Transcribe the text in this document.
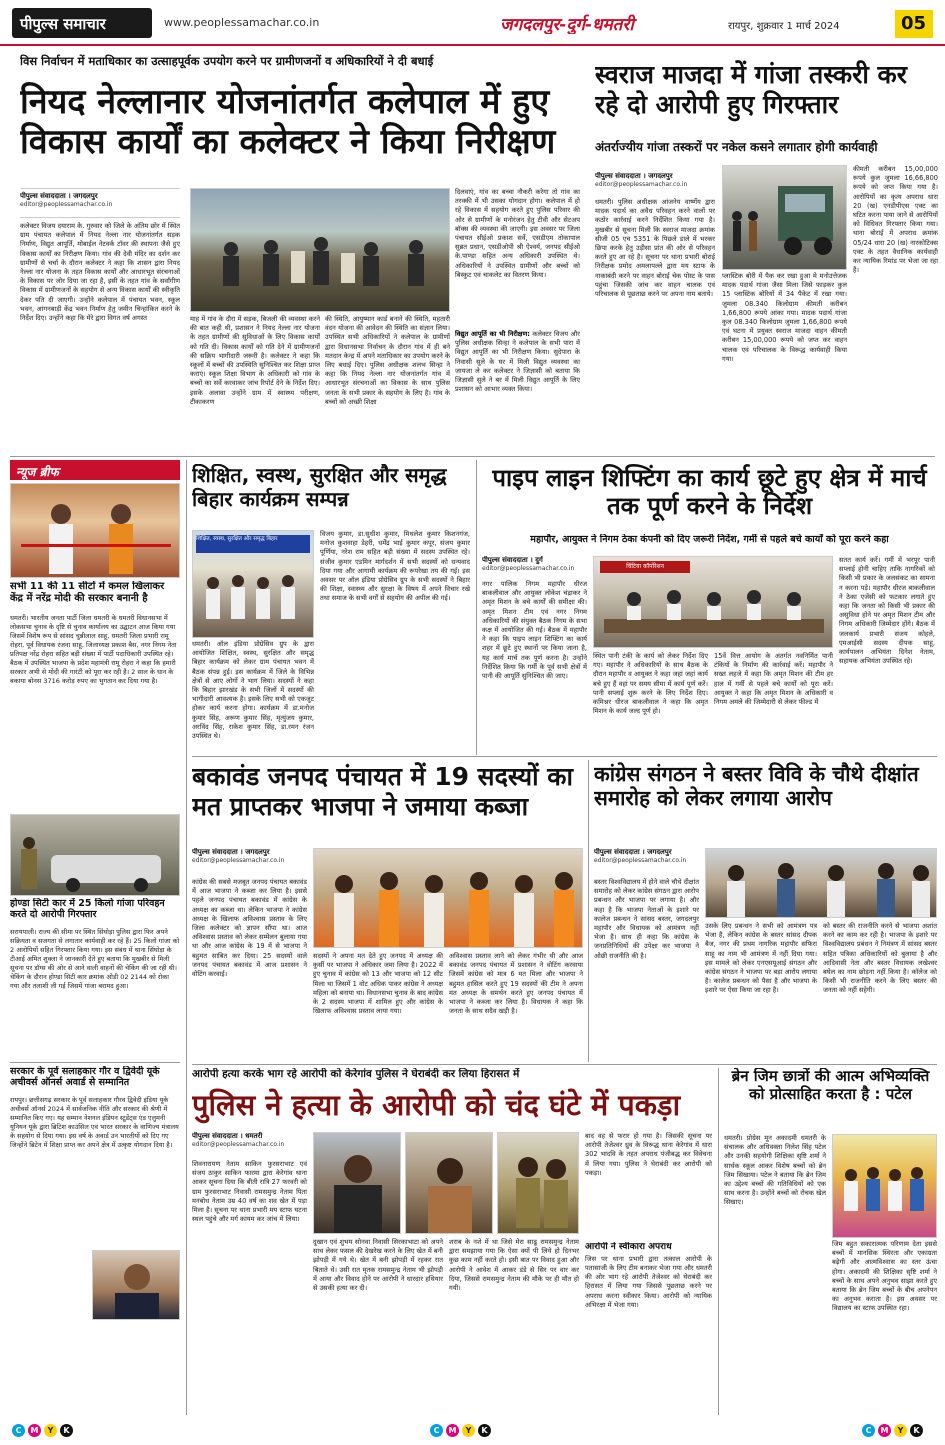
पीपुल्स समाचार	www.peoplessamachar.co.in	जगदलपुर-दुर्ग-धमतरी	रायपुर, शुक्रवार 1 मार्च 2024	05
विस निर्वाचन में मताधिकार का उत्साहपूर्वक उपयोग करने पर ग्रामीणजनों व अधिकारियों ने दी बधाई
नियद नेल्लानार योजनांतर्गत कलेपाल में हुए विकास कार्यों का कलेक्टर ने किया निरीक्षण
पीपुल्स संवाददाता । जगदलपुर
editor@peoplessamachar.co.in
कलेक्टर विजय दयाराम के. गुरुवार को जिले के अंतिम छोर में स्थित ग्राम पंचायत कलेपाल में नियद नेल्ला नार योजनांतर्गत सड़क निर्माण, विद्युत आपूर्ति, मोबाईल नेटवर्क टॉवर की स्थापना जैसे हुए विकास कार्यों का निरीक्षण किया। गांव की देवी मंदिर का दर्शन कर ग्रामीणों से चर्चा के दौरान कलेक्टर ने कहा कि शासन द्वारा नियद नेल्ला नार योजना के तहत विकास कार्यों और आधारभूत संरचनाओं के विकास पर जोर दिया जा रहा है, इसी के तहत गांव के सर्वांगीण विकास में ग्रामीणजनों के सहयोग से अन्य विकास कार्यों की स्वीकृति देकर पति दी जाएगी। उन्होंने कलेपाल में पंचायत भवन, स्कूल भवन, आंगनबाड़ी केंद्र भवन निर्माण हेतु जमीन चिन्हांकित करने के निर्देश दिए। उन्होंने कहा कि मेरे द्वारा विगत वर्ष अगस्त	माह में गांव के दौरा में सड़क, बिजली की व्यवस्था करने की बात कही थी, प्रशासन ने नियद नेल्ला नार योजना के तहत ग्रामीणों की सुविधाओं के लिए विकास कार्यों को गति दी। विकास कार्यों को गति देने में ग्रामीणजनों की सक्रिय भागीदारी जरूरी है। कलेक्टर ने कहा कि स्कूलों में बच्चों की उपस्थिति सुनिश्चित कर शिक्षा प्राप्त कराएं। स्कूल शिक्षा विभाग के अधिकारी को गांव के बच्चों का सर्वे करवाकर जांच रिपोर्ट देने के निर्देश दिए। इसके अलावा उन्होंने ग्राम में स्वास्थ्य परीक्षण, टीकाकरण
की स्थिति, आयुष्मान कार्ड बनाने की स्थिति, महतारी वंदन योजना की आवेदन की स्थिति का संज्ञान लिया। उपस्थित सभी अधिकारियों ने कलेपाल के ग्रामीणों द्वारा विधानसभा निर्वाचन के दौरान गांव में ही बने मतदान केन्द्र में अपने मताधिकार का उपयोग करने के लिए बधाई दिए। पुलिस अधीक्षक शलभ सिन्हा ने कहा कि नियद नेल्ला नार योजनांतर्गत गांव में आधारभूत संरचनाओं का विकास के साथ पुलिस जनता के सभी प्रकार के सहयोग के लिए है। गांव के बच्चों को अच्छी शिक्षा
दिलवाएं, गांव का बच्चा नौकरी करेगा तो गांव का तरक्की में भी उसका योगदान होगा। कलेपाल में हो रहे विकास में सहयोग करते हुए पुलिस परिवार की ओर से ग्रामीणों के मनोरंजन हेतु टीवी और सेटअप बॉक्स की व्यवस्था की जाएगी। इस अवसर पर जिला पंचायत सीईओ प्रकाश सर्वे, एसडीएम तोकापाल सुब्रत प्रधान, एसडीओपी श्री ऐश्वर्य, जनपद सीईओ के.पाण्डा सहित अन्य अधिकारी उपस्थित थे। अधिकारियों ने उपस्थित ग्रामीणों और बच्चों को बिस्कुट एवं चाकलेट का वितरण किया।
विद्युत आपूर्ति का भी निरीक्षण: कलेक्टर विजय और पुलिस अधीक्षक सिन्हा ने कलेपाल के सभी पारा में विद्युत आपूर्ति का भी निरीक्षण किया। सुदेपारा के निवासी सुले के घर में मिली विद्युत व्यवस्था का जायजा ले कर कलेक्टर ने जिज्ञासी को बताया कि जिज्ञासी सुले ने बर में मिली विद्युत आपूर्ति के लिए प्रशासन को आभार व्यक्त किया।
स्वराज माजदा में गांजा तस्करी कर रहे दो आरोपी हुए गिरफ्तार
अंतर्राज्यीय गांजा तस्करों पर नकेल कसने लगातार होगी कार्यवाही
पीपुल्स संवाददाता । जगदलपुर
editor@peoplessamachar.co.in
धमतरी। पुलिस अधीक्षक आंजनेय वार्ष्णेय द्वारा मादक पदार्थ का अवैध परिवहन करने वालों पर कठोर कार्रवाई करने निर्देशित किया गया है। मुखबीर से सूचना मिली कि स्वराज माजदा क्रमांक सीजी 05 एच 5351 के पिछले डाले में भरकर छिपा करके हेतु उड़ीसा प्रांत की ओर से परिवहन करते हुए आ रहे है। सूचना पर थाना प्रभारी बोराई निरीक्षक प्रमोद अमलापल्ले द्वारा मय स्टाफ के नाकाबंदी करने पर वाहन बोराई चेक पोस्ट के पास पहुंचा जिसकी जांच कर वाहन चालक एवं परिचालक से पूछताछ करने पर अपना नाम बताये।
प्लास्टिक बोरी में पैक कर रखा हुआ मे मनोउत्तेजक मादक पदार्थ गांजा जैसा मिला जिसे फाड़कर कुल 15 प्लास्टिक बोरियों में 34 पैकेट में रखा गया। जुमला 08.340 किलोग्राम कीमती करीबन 1,66,800 रूपये आंका गया। मादक पदार्थ गांजा कुल 08.340 किलोग्राम जुमला 1,66,800 रूपये एवं घटना में प्रयुक्त स्वराज माजदा वाहन कीमती करीबन 15,00,000 रूपये को जप्त कर वाहन चालक एवं परिचालक के विरूद्ध कार्यवाही किया गया।
कीमती करीबन 15,00,000 रूपये कुल जुमला 16,66,800 रूपये को जप्त किया गया है। आरोपियों का कृत्य अपराध धारा 20 (ख) एनडीपीएस एक्ट का घटित करना पाया जाने से आरोपियों को विधिवत गिरफ्तार किया गया। थाना बोराई में अपराध क्रमांक 05/24 धारा 20 (ख) नारकोटिक्स एक्ट के तहत वैधानिक कार्यवाही कर न्यायिक रिमांड पर भेजा जा रहा है।
न्यूज ब्रीफ
सभी 11 की 11 सीटों में कमल खिलाकर केंद्र में नरेंद्र मोदी की सरकार बनानी है
धमतरी। भारतीय जनता पार्टी जिला धमतरी के धमतरी विधानसभा में लोकसभा चुनाव के दृष्टि से चुनाव कार्यालय का उद्घाटन आज किया गया जिसमें विशेष रूप से सांसद चुन्नीलाल साहू, धमतरी जिला प्रभारी रामू रोहरा, पूर्व विधायक रंजना साहू, जिलाध्यक्ष प्रकाश बैस, नगर निगम नेता प्रतिपक्ष नरेंद्र रोहरा सहित बड़ी संख्या में पार्टी पदाधिकारी उपस्थित रहे। बैठक में उपस्थित भाजपा के प्रदेश महामंत्री रामू रोहरा ने कहा कि हमारी सरकार अभी से मोदी की गारंटी को पूरा कर रही है। 2 साल के धान के बकाया बोनस 3716 करोड़ रुपए का भुगतान कर दिया गया है।
होण्डा सिटी कार में 25 किलो गांजा परिवहन करते दो आरोपी गिरफ्तार
सरायपाली। राज्य की सीमा पर स्थित सिंघोड़ा पुलिस द्वारा फिर अपने सक्रियता व सजगता से लगातार कार्यवाही कर रहे हैं। 25 किलो गांजा को 2 आरोपियों सहित गिरफ्तार किया गया। इस संबंध में थाना सिंघोड़ा के टीआई अमित शुक्ला ने जानकारी देते हुए बताया कि मुखबीर से मिली सूचना पर डॉग्स की ओर से आने वाली वाहनों की चेकिंग की जा रही थी। चेकिंग के दौरान होण्डा सिटी कार क्रमांक ओडी 02 2144 को रोका गया और तलाशी ली गई जिसमें गांजा बरामद हुआ।
सरकार के पूर्व सलाहकार गौर व द्विवेदी यूके अचीवर्स ऑनर्स अवार्ड से सम्मानित
रायपुर। छत्तीसगढ़ सरकार के पूर्व सलाहकार गौरव द्विवेदी इंडिया यूके अचीवर्स ऑनर्स 2024 में सार्वजनिक नीति और सरकार की श्रेणी में सम्मानित किए गए। यह सम्मान नेशनल इंडियन स्टूडेंट्स एंड एलुमनी यूनियन यूके द्वारा ब्रिटिश काउंसिल एवं भारत सरकार के वाणिज्य मंत्रालय के सहयोग से दिया गया। इस वर्ष के अवार्ड उन भारतीयों को दिए गए जिन्होंने ब्रिटेन में शिक्षा प्राप्त कर अपने क्षेत्र में उत्कृष्ट योगदान दिया है।
शिक्षित, स्वस्थ, सुरक्षित और समृद्ध बिहार कार्यक्रम सम्पन्न
शिक्षित, स्वस्थ, सुरक्षित और समृद्ध बिहार
धमतरी। ऑल इंडिया प्रोग्रेसिव ग्रुप के द्वारा आयोजित शिक्षित, स्वस्थ, सुरक्षित और समृद्ध बिहार कार्यक्रम को लेकर ग्राम पंचायत भवन में बैठक संपन्न हुई। इस कार्यक्रम में जिले के विभिन्न क्षेत्रों से आए लोगों ने भाग लिया। सदस्यों ने कहा कि बिहार झारखंड के सभी जिलों में सदस्यों की भागीदारी आवश्यक है। इसके लिए सभी को एकजुट होकर कार्य करना होगा। कार्यक्रम में डा.मनोज कुमार सिंह, अरूण कुमार सिंह, मृत्युंजय कुमार, अरविंद सिंह, राकेश कुमार सिंह, डा.रमन रंजन उपस्थित थे।
विजय कुमार, डा.सुधीश कुमार, मिथलेश कुमार किशनगंज, मनोज कुशवाहा डेहरी, धर्मेंद्र भाई कुमार कपूर, संजय कुमार पूर्णिया, नरेश राम सहित बड़ी संख्या में सदस्य उपस्थित रहे। संजीव कुमार एडमिन मार्गदर्शन में सभी सदस्यों को धन्यवाद दिया गया और आगामी कार्यक्रम की रूपरेखा तय की गई। इस अवसर पर ऑल इंडिया प्रोग्रेसिव ग्रुप के सभी सदस्यों ने बिहार की शिक्षा, स्वास्थ्य और सुरक्षा के विषय में अपने विचार रखे तथा समाज के सभी वर्गों से सहयोग की अपील की गई।
पाइप लाइन शिफ्टिंग का कार्य छूटे हुए क्षेत्र में मार्च तक पूर्ण करने के निर्देश
महापौर, आयुक्त ने निगम ठेका कंपनी को दिए जरूरी निर्देश, गर्मी से पहले बचे कार्यों को पूरा करने कहा
पीपुल्स संवाददाता । दुर्ग
editor@peoplessamachar.co.in
नगर पालिक निगम महापौर धीरज बाकलीवाल और आयुक्त लोकेश चंद्राकर ने अमृत मिशन के बचे कार्यों की समीक्षा की। अमृत मिशन टीम एवं नगर निगम अधिकारियों की संयुक्त बैठक निगम के सभा कक्ष में आयोजित की गई। बैठक में महापौर ने कहा कि पाइप लाइन शिफ्टिंग का कार्य शहर में छूटे हुए स्थानों पर किया जाना है, यह कार्य मार्च तक पूर्ण करना है। उन्होंने निर्देशित किया कि गर्मी के पूर्व सभी क्षेत्रों में पानी की आपूर्ति सुनिश्चित की जाए।
चिंटिया कॉर्पोरेशन
स्थित पानी टंकी के कार्य को लेकर निर्देश दिए गए। महापौर ने अधिकारियों के साथ बैठक के दौरान महापौर व आयुक्त ने कहा जहां जहां कार्य बचे हुए हैं वहां पर समय सीमा में कार्य पूर्ण करें। पानी सप्लाई शुरू करने के लिए निर्देश दिए। कमिश्नर धीरज बाकलीवाल ने कहा कि अमृत मिशन के कार्य जल्द पूर्ण हो।
15वें वित्त आयोग के अंतर्गत नवनिर्मित पानी टंकियों के निर्माण की कार्रवाई करें। महापौर ने सख्त लहजे में कहा कि अमृत मिशन की टीम हर हाल में गर्मी से पहले बचे कार्यों को पूरा करें। आयुक्त ने कहा कि अमृत मिशन के अधिकारी व निगम अमले की जिम्मेदारी से लेकर फील्ड में
सतत कार्य करें। गर्मी में भरपूर पानी सप्लाई होनी चाहिए ताकि नागरिकों को किसी भी प्रकार के जलसंकट का सामना न करना पड़े। महापौर धीरज बाकलीवाल ने ठेका एजेंसी को फटकार लगाते हुए कहा कि जनता को किसी भी प्रकार की असुविधा होने पर अमृत मिशन टीम और निगम अधिकारी जिम्मेदार होंगे। बैठक में जलकार्य प्रभारी संजय कोहले, एमआईसी सदस्य दीपक साहू, कार्यपालन अभियंता दिनेश नेताम, सहायक अभियंता उपस्थित रहे।
बकावंड जनपद पंचायत में 19 सदस्यों का मत प्राप्तकर भाजपा ने जमाया कब्जा
पीपुल्स संवाददाता । जगदलपुर
editor@peoplessamachar.co.in
कांग्रेस की सबसे मजबूत जनपद पंचायत बकावंड में आज भाजपा ने कब्जा कर लिया है। इससे पहले जनपद पंचायत बकावंड में कांग्रेस के अध्यक्ष का कब्जा था। लेकिन भाजपा ने कांग्रेस अध्यक्ष के खिलाफ अविश्वास प्रस्ताव के लिए जिला कलेक्टर को ज्ञापन सौंपा था। आज अविश्वास प्रस्ताव को लेकर सम्मेलन बुलाया गया था और आज कांग्रेस के 19 में से भाजपा ने बहुमत साबित कर दिया। 25 सदस्यों वाले जनपद पंचायत बकावंड में आज प्रशासन ने वोटिंग करवाई।
सदस्यों ने अपना मत देते हुए जनपद में अध्यक्ष की कुर्सी पर भाजपा ने अधिकार जमा लिया है। 2022 में हुए चुनाव में कांग्रेस को 13 और भाजपा को 12 सीट मिला था जिसमें 1 वोट अधिक पाकर कांग्रेस ने अध्यक्ष महिला को बनाया था। विधानसभा चुनाव के बाद कांग्रेस के 2 सदस्य भाजपा में शामिल हुए और कांग्रेस के खिलाफ अविश्वास प्रस्ताव लाया गया।
अविश्वास प्रस्ताव लाने को लेकर गंभीर थी और आज बकावंड जनपद पंचायत में प्रशासन ने वोटिंग करवाया जिसमें कांग्रेस को मात्र 6 मत मिला और भाजपा ने बहुमत हासिल करते हुए 19 सदस्यों की टीम ने अपना मत अध्यक्ष के समर्थन करते हुए जनपद पंचायत में भाजपा ने कब्जा कर लिया है। विधायक ने कहा कि जनता के साथ सदैव खड़ी है।
कांग्रेस संगठन ने बस्तर विवि के चौथे दीक्षांत समारोह को लेकर लगाया आरोप
पीपुल्स संवाददाता । जगदलपुर
editor@peoplessamachar.co.in
बस्तर विश्वविद्यालय में होने वाले चौथे दीक्षांत समारोह को लेकर कांग्रेस संगठन द्वारा आरोप प्रबन्धन और भाजपा पर लगाया है। और कहा है कि भाजपा नेताओं के इशारे पर कालेज प्रबन्धन ने सांसद बस्तर, जगदलपुर महापौर और विधायक को आमंत्रण नहीं भेजा है। साथ ही कहा कि कांग्रेस के जनप्रतिनिधियों की उपेक्षा कर भाजपा ने ओछी राजनीति की है।
उसके लिए प्रबन्धन ने सभी को आमंत्रण पत्र भेजा है, लेकिन कांग्रेस के बस्तर सांसद दीपक बैज, नगर की प्रथम नागरिक महापौर सफिरा साहू का नाम भी आमंत्रण में नहीं दिया गया। इस मामले को लेकर एनएसयूआई संगठन और कांग्रेस संगठन ने भाजपा पर बड़ा आरोप लगाया है। कालेज प्रबन्धन को पैसा है और भाजपा के इशारे पर ऐसा किया जा रहा है।
को बस्तर की राजनीति करने से भाजपा अशांत करने का काम कर रही है। भाजपा के इशारे पर विश्वविद्यालय प्रबंधन ने निमंत्रण में सांसद बस्तर सहित पत्रिका अधिकारियों को बुलाया है और आदिवासी नेता और बस्तर विधायक लखेश्वर बघेल का नाम छोड़ना नहीं किया है। कॉलेज को किसी भी राजनीति करने के लिए बस्तर की जनता को नहीं सहेगी।
आरोपी हत्या करके भाग रहे आरोपी को केरेगांव पुलिस ने घेराबंदी कर लिया हिरासत में
पुलिस ने हत्या के आरोपी को चंद घंटे में पकड़ा
पीपुल्स संवाददाता । धमतरी
editor@peoplessamachar.co.in
शिवनारायण नेताम साकिन फुरसराभाट एवं संजय ठाकुर साकिन फारमा द्वारा केरेगांव थाना आकर सूचना दिया कि बीती रात्रि 27 फरवरी को ग्राम फुरसराभाट निवासी रामसमुन्द्र नेताम पिता मनबोध नेताम उम्र 40 वर्ष का शव खेत में पड़ा मिला है। सूचना पर थाना प्रभारी मय स्टाफ घटना स्थल पहुंचे और मर्ग कायम कर जांच में लिया।
दुखान एवं शुभम सोनवा निवासी सिरकाभाटा को अपने साथ लेकर फसल की देखरेख करने के लिए खेत में बनी झोपड़ी में गये थे। खेत में बनी झोपड़ी में रहकर रात बिताते थे। उसी रात मृतक रामसमुन्द्र नेताम भी झोपड़ी में आया और विवाद होने पर आरोपी ने धारदार हथियार से उसकी हत्या कर दी।
शराब के नशे में था जिसे मेरा साढू रामसमुन्द्र नेताम द्वारा समझाया गया कि ऐसा क्यों पी लिये हो दिनभर कुछ काम नहीं करते हो। इसी बात पर विवाद हुआ और आरोपी ने आवेश में आकर डंडे से सिर पर वार कर दिया, जिससे रामसमुन्द्र नेताम की मौके पर ही मौत हो गयी।
बाद वह से फरार हो गया है। जिसकी सूचना पर आरोपी तेजेश्वर ध्रुव के विरूद्ध थाना केरेगांव में धारा 302 भादवि के तहत अपराध पंजीबद्ध कर विवेचना में लिया गया। पुलिस ने घेराबंदी कर आरोपी को पकड़ा।
आरोपी ने स्वीकारा अपराध
जिस पर थाना प्रभारी द्वारा तत्काल आरोपी के पतासाजी के लिए टीम बनाकर भेजा गया और धमतरी की ओर भाग रहे आरोपी तेजेश्वर को घेराबंदी कर हिरासत में लिया गया जिससे पूछताछ करने पर अपराध करना स्वीकार किया। आरोपी को न्यायिक अभिरक्षा में भेजा गया।
ब्रेन जिम छात्रों की आत्म अभिव्यक्ति को प्रोत्साहित करता है : पटेल
धमतरी। प्रोग्रेस मून अकादमी धमतरी के संचालक और अधिवक्ता निलेश सिंह पटेल और उनकी सहयोगी शिक्षिका सृष्टि शर्मा ने सार्थक स्कूल आकर विशेष बच्चों को ब्रेन जिम सिखाया। पटेल ने बताया कि ब्रेन जिम का उद्देश्य बच्चों की गतिविधियों को एक साथ करना है। उन्होंने बच्चों को रोचक खेल सिखाए।
जिम बहुत सकारात्मक परिणाम देता इससे बच्चों में मानसिक स्थिरता और एकाग्रता बढ़ेगी और आत्मविश्वास का स्तर ऊंचा होगा। अकादमी की शिक्षिका सृष्टि शर्मा ने बच्चों के साथ अपने अनुभव साझा करते हुए बताया कि ब्रेन जिम बच्चों के बीच अपनेपन का अनुभव कराता है। इस अवसर पर विद्यालय का स्टाफ उपस्थित रहा।
C	M	Y	K	C	M	Y	K	C	M	Y	K
